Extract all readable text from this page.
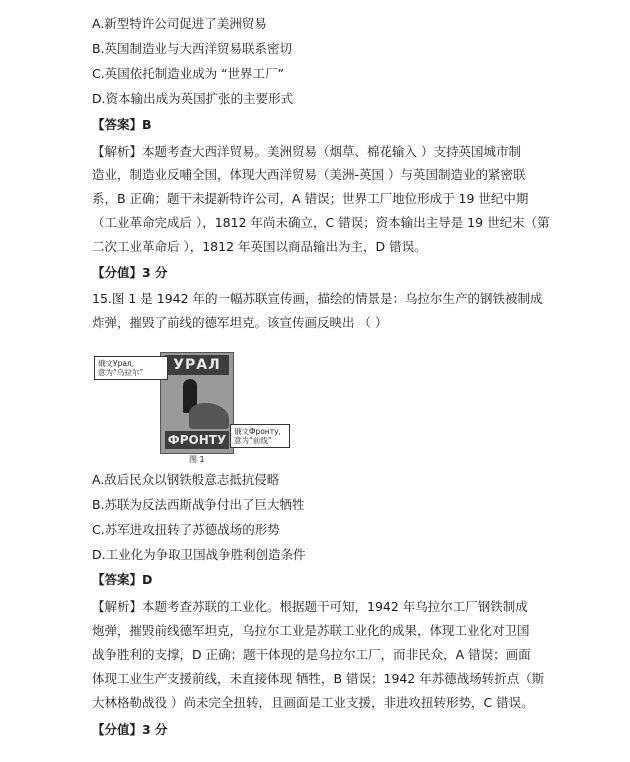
A.新型特许公司促进了美洲贸易
B.英国制造业与大西洋贸易联系密切
C.英国依托制造业成为 “世界工厂”
D.资本输出成为英国扩张的主要形式
【答案】B
【解析】本题考查大西洋贸易。美洲贸易（烟草、棉花输入 ）支持英国城市制
造业，制造业反哺全国，体现大西洋贸易（美洲-英国 ）与英国制造业的紧密联
系，B 正确；题干未提新特许公司，A 错误；世界工厂地位形成于 19 世纪中期
（工业革命完成后 ），1812 年尚未确立，C 错误；资本输出主导是 19 世纪末（第
二次工业革命后 ），1812 年英国以商品输出为主，D 错误。
【分值】3 分
15.图 1 是 1942 年的一幅苏联宣传画，描绘的情景是：乌拉尔生产的钢铁被制成
炸弹，摧毁了前线的德军坦克。该宣传画反映出 （ ）
УРАЛ
ФРОНТУ
俄文Урал,
意为“乌拉尔”
俄文Фронту,
意为“前线”
图 1
A.敌后民众以钢铁般意志抵抗侵略
B.苏联为反法西斯战争付出了巨大牺牲
C.苏军进攻扭转了苏德战场的形势
D.工业化为争取卫国战争胜利创造条件
【答案】D
【解析】本题考查苏联的工业化。根据题干可知，1942 年乌拉尔工厂钢铁制成
炮弹，摧毁前线德军坦克，乌拉尔工业是苏联工业化的成果，体现工业化对卫国
战争胜利的支撑，D 正确；题干体现的是乌拉尔工厂，而非民众，A 错误；画面
体现工业生产支援前线，未直接体现 牺牲，B 错误；1942 年苏德战场转折点（斯
大林格勒战役 ）尚未完全扭转，且画面是工业支援，非进攻扭转形势，C 错误。
【分值】3 分
